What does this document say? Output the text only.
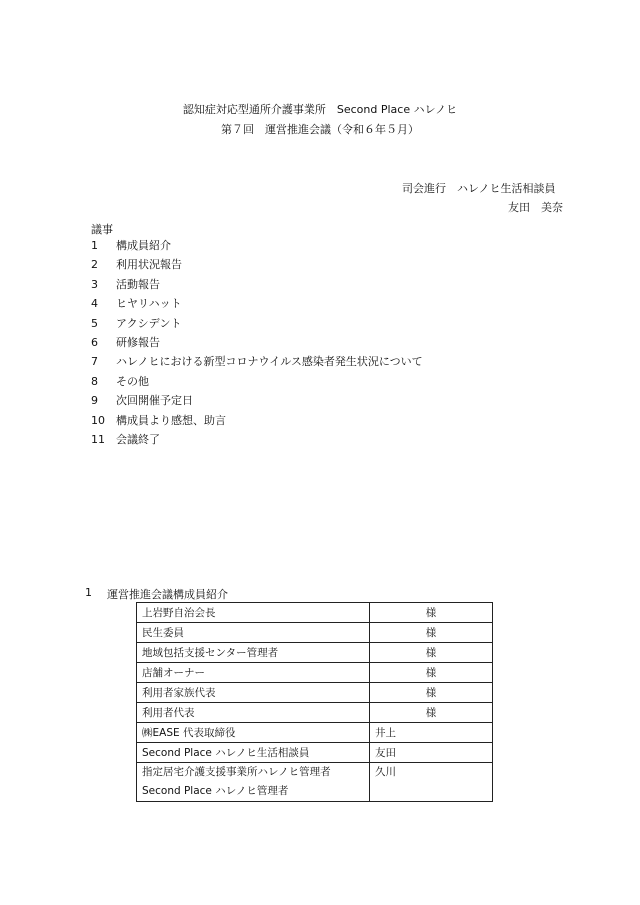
認知症対応型通所介護事業所　Second Place ハレノヒ
第７回　運営推進会議（令和６年５月）
司会進行　ハレノヒ生活相談員
友田　美奈
議事
1	構成員紹介
2	利用状況報告
3	活動報告
4	ヒヤリハット
5	アクシデント
6	研修報告
7	ハレノヒにおける新型コロナウイルス感染者発生状況について
8	その他
9	次回開催予定日
10	構成員より感想、助言
11	会議終了
1	運営推進会議構成員紹介
上岩野自治会長	様
民生委員	様
地域包括支援センター管理者	様
店舗オーナー	様
利用者家族代表	様
利用者代表	様
㈱EASE 代表取締役	井上
Second Place ハレノヒ生活相談員	友田

指定居宅介護支援事業所ハレノヒ管理者
Second Place ハレノヒ管理者	久川
